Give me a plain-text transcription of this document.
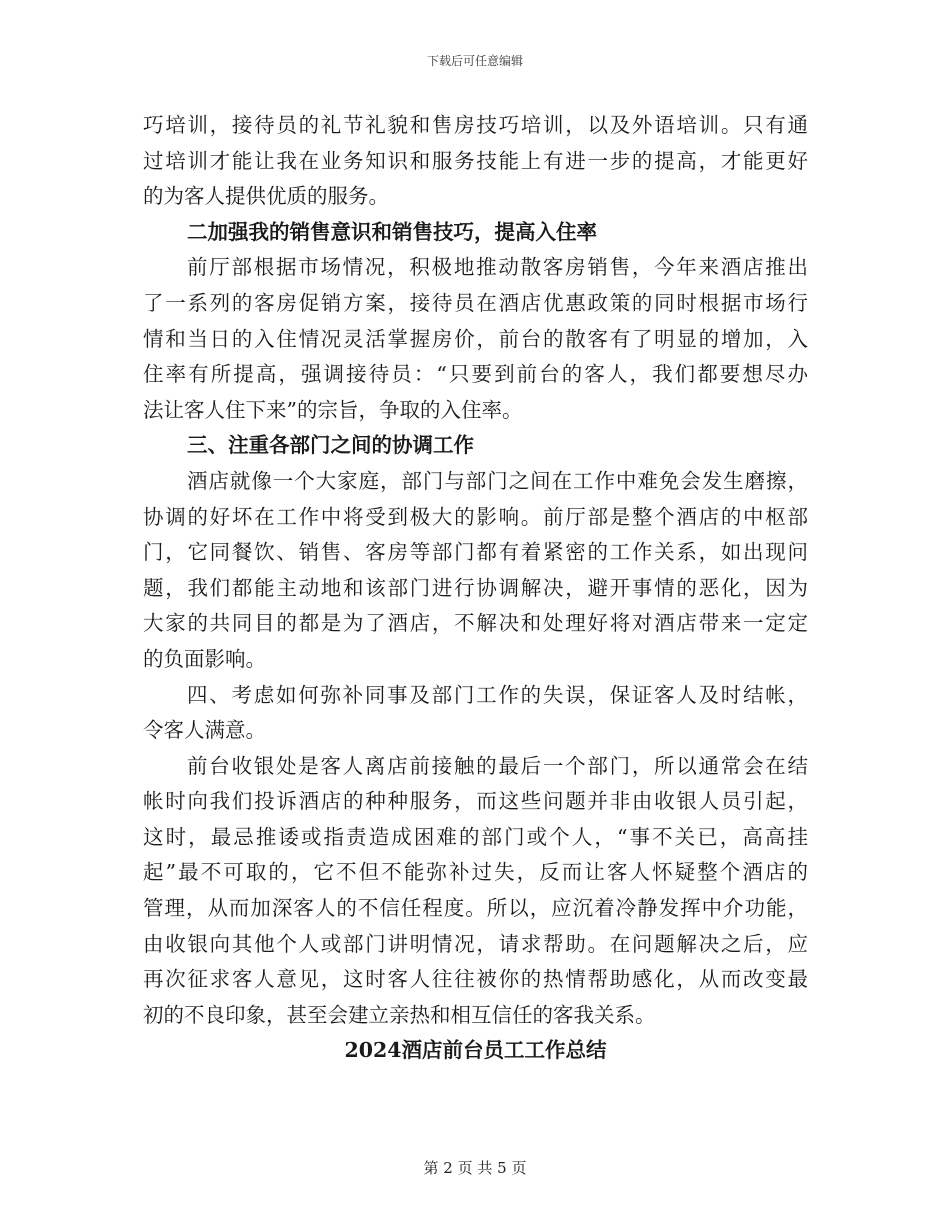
下载后可任意编辑
巧培训，接待员的礼节礼貌和售房技巧培训，以及外语培训。只有通
过培训才能让我在业务知识和服务技能上有进一步的提高，才能更好
的为客人提供优质的服务。
二加强我的销售意识和销售技巧，提高入住率
前厅部根据市场情况，积极地推动散客房销售，今年来酒店推出
了一系列的客房促销方案，接待员在酒店优惠政策的同时根据市场行
情和当日的入住情况灵活掌握房价，前台的散客有了明显的增加，入
住率有所提高，强调接待员：“只要到前台的客人，我们都要想尽办
法让客人住下来”的宗旨，争取的入住率。
三、注重各部门之间的协调工作
酒店就像一个大家庭，部门与部门之间在工作中难免会发生磨擦，
协调的好坏在工作中将受到极大的影响。前厅部是整个酒店的中枢部
门，它同餐饮、销售、客房等部门都有着紧密的工作关系，如出现问
题，我们都能主动地和该部门进行协调解决，避开事情的恶化，因为
大家的共同目的都是为了酒店，不解决和处理好将对酒店带来一定定
的负面影响。
四、考虑如何弥补同事及部门工作的失误，保证客人及时结帐，
令客人满意。
前台收银处是客人离店前接触的最后一个部门，所以通常会在结
帐时向我们投诉酒店的种种服务，而这些问题并非由收银人员引起，
这时，最忌推诿或指责造成困难的部门或个人，“事不关已，高高挂
起”最不可取的，它不但不能弥补过失，反而让客人怀疑整个酒店的
管理，从而加深客人的不信任程度。所以，应沉着冷静发挥中介功能，
由收银向其他个人或部门讲明情况，请求帮助。在问题解决之后，应
再次征求客人意见，这时客人往往被你的热情帮助感化，从而改变最
初的不良印象，甚至会建立亲热和相互信任的客我关系。
2024酒店前台员工工作总结
第 2 页 共 5 页
